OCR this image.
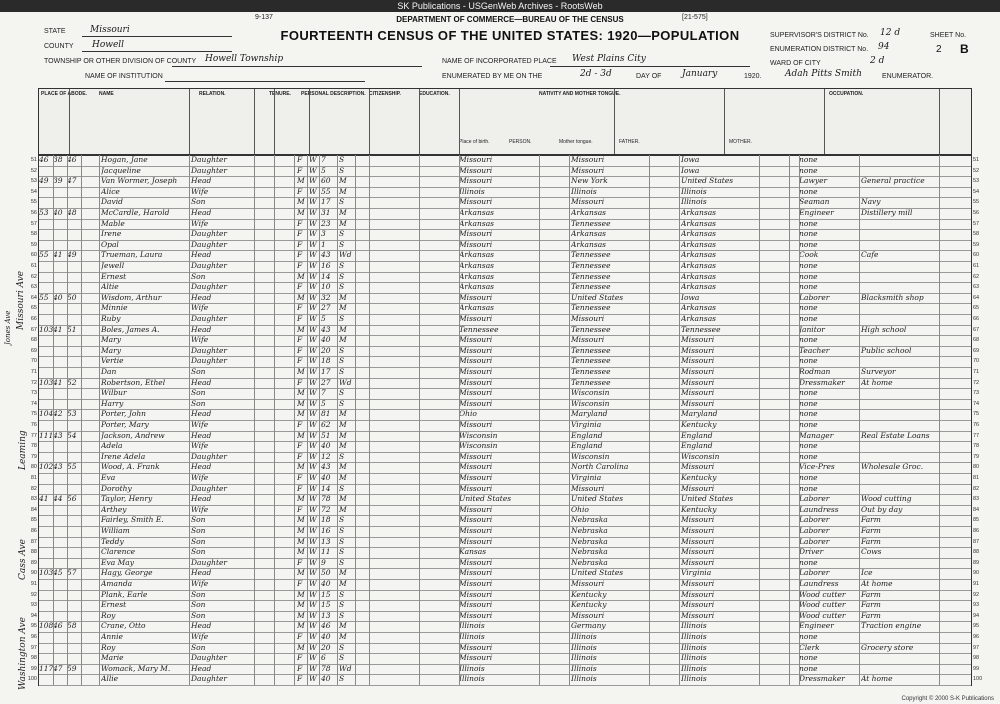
SK Publications - USGenWeb Archives - RootsWeb
9-137	[21-575]
DEPARTMENT OF COMMERCE—BUREAU OF THE CENSUS
FOURTEENTH CENSUS OF THE UNITED STATES: 1920—POPULATION
STATE	Missouri
COUNTY Howell
TOWNSHIP OR OTHER DIVISION OF COUNTY Howell Township
NAME OF INSTITUTION
NAME OF INCORPORATED PLACE West Plains City
ENUMERATED BY ME ON THE	2d - 3d	DAY OF January	1920.	Adah Pitts Smith	ENUMERATOR.
SUPERVISOR'S DISTRICT No. 12 d
ENUMERATION DISTRICT No. 94
WARD OF CITY	2 d
SHEET No.
2 B
PLACE OF ABODE. NAME	RELATION.	TENURE. PERSONAL DESCRIPTION. CITIZENSHIP.	EDUCATION.	NATIVITY AND MOTHER TONGUE.	OCCUPATION.
PERSON.	FATHER.	MOTHER.
Place of birth.	Mother tongue.
51 46 38 46	Hogan, Jane	Daughter	F W 7	S	Missouri	Missouri	Iowa	none	51
52	Jacqueline	Daughter	F W 5	S	Missouri	Missouri	Iowa	none	52
53 49 39 47	Van Wormer, Joseph	Head	M W 60	M	Missouri	New York	United States	Lawyer	General practice	53
54	Alice	Wife	F W 55	M	Illinois	Illinois	Illinois	none	54
55	David	Son	M W 17	S	Missouri	Missouri	Illinois	Seaman	Navy	55
56 53 40 48	McCardle, Harold	Head	M W 31	M	Arkansas	Arkansas	Arkansas	Engineer	Distillery mill	56
57	Mable	Wife	F W 23	M	Arkansas	Tennessee	Arkansas	none	57
58	Irene	Daughter	F W 3	S	Missouri	Arkansas	Arkansas	none	58
59	Opal	Daughter	F W 1	S	Missouri	Arkansas	Arkansas	none	59
60 55 41 49	Trueman, Laura	Head	F W 43	Wd	Arkansas	Tennessee	Arkansas	Cook	Cafe	60
61	Jewell	Daughter	F W 16	S	Arkansas	Tennessee	Arkansas	none	61
62	Ernest	Son	M W 14	S	Arkansas	Tennessee	Arkansas	none	62
63	Altie	Daughter	F W 10	S	Arkansas	Tennessee	Arkansas	none	63
64 55 40 50	Wisdom, Arthur	Head	M W 32	M	Missouri	United States	Iowa	Laborer	Blacksmith shop	64
65	Minnie	Wife	F W 27	M	Arkansas	Tennessee	Arkansas	none	65
66	Ruby	Daughter	F W 5	S	Missouri	Missouri	Arkansas	none	66
67 103 41 51	Boles, James A.	Head	M W 43	M	Tennessee	Tennessee	Tennessee	Janitor	High school	67
68	Mary	Wife	F W 40	M	Missouri	Missouri	Missouri	none	68
69	Mary	Daughter	F W 20	S	Missouri	Tennessee	Missouri	Teacher	Public school	69
70	Vertie	Daughter	F W 18	S	Missouri	Tennessee	Missouri	none	70
71	Dan	Son	M W 17	S	Missouri	Tennessee	Missouri	Rodman	Surveyor	71
72 103 41 52	Robertson, Ethel	Head	F W 27	Wd	Missouri	Tennessee	Missouri	Dressmaker	At home	72
73	Wilbur	Son	M W 7	S	Missouri	Wisconsin	Missouri	none	73
74	Harry	Son	M W 5	S	Missouri	Wisconsin	Missouri	none	74
75 104 42 53	Porter, John	Head	M W 81	M	Ohio	Maryland	Maryland	none	75
76	Porter, Mary	Wife	F W 62	M	Missouri	Virginia	Kentucky	none	76
77 111 43 54	Jackson, Andrew	Head	M W 51	M	Wisconsin	England	England	Manager	Real Estate Loans	77
78	Adela	Wife	F W 40	M	Wisconsin	England	England	none	78
79	Irene Adela	Daughter	F W 12	S	Missouri	Wisconsin	Wisconsin	none	79
80 102 43 55	Wood, A. Frank	Head	M W 43	M	Missouri	North Carolina	Missouri	Vice-Pres	Wholesale Groc.	80
81	Eva	Wife	F W 40	M	Missouri	Virginia	Kentucky	none	81
82	Dorothy	Daughter	F W 14	S	Missouri	Missouri	Missouri	none	82
83 41 44 56	Taylor, Henry	Head	M W 78	M	United States	United States	United States	Laborer	Wood cutting	83
84	Arthey	Wife	F W 72	M	Missouri	Ohio	Kentucky	Laundress	Out by day	84
85	Fairley, Smith E.	Son	M W 18	S	Missouri	Nebraska	Missouri	Laborer	Farm	85
86	William	Son	M W 16	S	Missouri	Nebraska	Missouri	Laborer	Farm	86
87	Teddy	Son	M W 13	S	Missouri	Nebraska	Missouri	Laborer	Farm	87
88	Clarence	Son	M W 11	S	Kansas	Nebraska	Missouri	Driver	Cows	88
89	Eva May	Daughter	F W 9	S	Missouri	Nebraska	Missouri	none	89
90 103 45 57	Hagy, George	Head	M W 50	M	Missouri	United States	Virginia	Laborer	Ice	90
91	Amanda	Wife	F W 40	M	Missouri	Missouri	Missouri	Laundress	At home	91
92	Plank, Earle	Son	M W 15	S	Missouri	Kentucky	Missouri	Wood cutter	Farm	92
93	Ernest	Son	M W 15	S	Missouri	Kentucky	Missouri	Wood cutter	Farm	93
94	Roy	Son	M W 13	S	Missouri	Missouri	Missouri	Wood cutter	Farm	94
95 108 46 58	Crane, Otto	Head	M W 46	M	Illinois	Germany	Illinois	Engineer	Traction engine	95
96	Annie	Wife	F W 40	M	Illinois	Illinois	Illinois	none	96
97	Roy	Son	M W 20	S	Missouri	Illinois	Illinois	Clerk	Grocery store	97
98	Marie	Daughter	F W 6	S	Missouri	Illinois	Illinois	none	98
99 117 47 59	Womack, Mary M.	Head	F W 78	Wd	Illinois	Illinois	Illinois	none	99
100	Allie	Daughter	F W 40	S	Illinois	Illinois	Illinois	Dressmaker	At home	100
Missouri Ave
Jones Ave
Cass Ave
Washington Ave
Leaming
Copyright © 2000 S-K Publications
